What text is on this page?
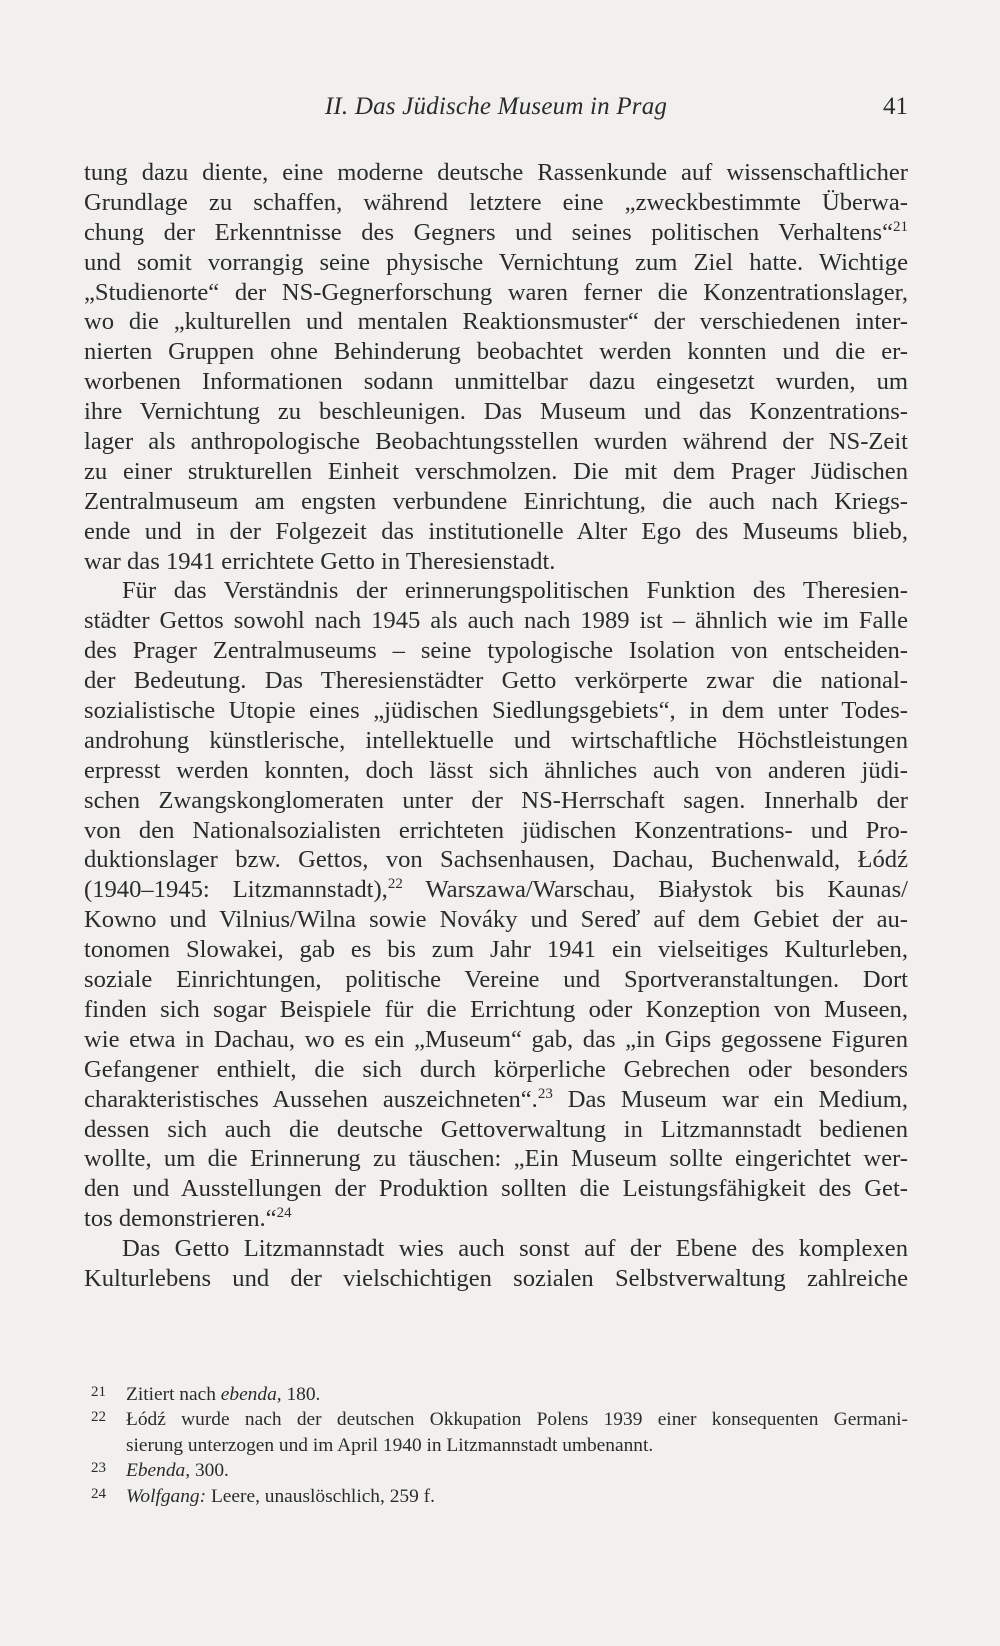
II. Das Jüdische Museum in Prag	41
tung dazu diente, eine moderne deutsche Rassenkunde auf wissenschaftlicher
Grundlage zu schaffen, während letztere eine „zweckbestimmte Überwa-
chung der Erkenntnisse des Gegners und seines politischen Verhaltens“$^{21}$
und somit vorrangig seine physische Vernichtung zum Ziel hatte. Wichtige
„Studienorte“ der NS-Gegnerforschung waren ferner die Konzentrationslager,
wo die „kulturellen und mentalen Reaktionsmuster“ der verschiedenen inter-
nierten Gruppen ohne Behinderung beobachtet werden konnten und die er-
worbenen Informationen sodann unmittelbar dazu eingesetzt wurden, um
ihre Vernichtung zu beschleunigen. Das Museum und das Konzentrations-
lager als anthropologische Beobachtungsstellen wurden während der NS-Zeit
zu einer strukturellen Einheit verschmolzen. Die mit dem Prager Jüdischen
Zentralmuseum am engsten verbundene Einrichtung, die auch nach Kriegs-
ende und in der Folgezeit das institutionelle Alter Ego des Museums blieb,
war das 1941 errichtete Getto in Theresienstadt.
Für das Verständnis der erinnerungspolitischen Funktion des Theresien-
städter Gettos sowohl nach 1945 als auch nach 1989 ist – ähnlich wie im Falle
des Prager Zentralmuseums – seine typologische Isolation von entscheiden-
der Bedeutung. Das Theresienstädter Getto verkörperte zwar die national-
sozialistische Utopie eines „jüdischen Siedlungsgebiets“, in dem unter Todes-
androhung künstlerische, intellektuelle und wirtschaftliche Höchstleistungen
erpresst werden konnten, doch lässt sich ähnliches auch von anderen jüdi-
schen Zwangskonglomeraten unter der NS-Herrschaft sagen. Innerhalb der
von den Nationalsozialisten errichteten jüdischen Konzentrations- und Pro-
duktionslager bzw. Gettos, von Sachsenhausen, Dachau, Buchenwald, Łódź
(1940–1945: Litzmannstadt),$^{22}$ Warszawa/Warschau, Białystok bis Kaunas/
Kowno und Vilnius/Wilna sowie Nováky und Sereď auf dem Gebiet der au-
tonomen Slowakei, gab es bis zum Jahr 1941 ein vielseitiges Kulturleben,
soziale Einrichtungen, politische Vereine und Sportveranstaltungen. Dort
finden sich sogar Beispiele für die Errichtung oder Konzeption von Museen,
wie etwa in Dachau, wo es ein „Museum“ gab, das „in Gips gegossene Figuren
Gefangener enthielt, die sich durch körperliche Gebrechen oder besonders
charakteristisches Aussehen auszeichneten“.$^{23}$ Das Museum war ein Medium,
dessen sich auch die deutsche Gettoverwaltung in Litzmannstadt bedienen
wollte, um die Erinnerung zu täuschen: „Ein Museum sollte eingerichtet wer-
den und Ausstellungen der Produktion sollten die Leistungsfähigkeit des Get-
tos demonstrieren.“$^{24}$
Das Getto Litzmannstadt wies auch sonst auf der Ebene des komplexen
Kulturlebens und der vielschichtigen sozialen Selbstverwaltung zahlreiche
21 Zitiert nach ebenda, 180.
22 Łódź wurde nach der deutschen Okkupation Polens 1939 einer konsequenten Germani-
sierung unterzogen und im April 1940 in Litzmannstadt umbenannt.
23 Ebenda, 300.
24 Wolfgang: Leere, unauslöschlich, 259 f.
